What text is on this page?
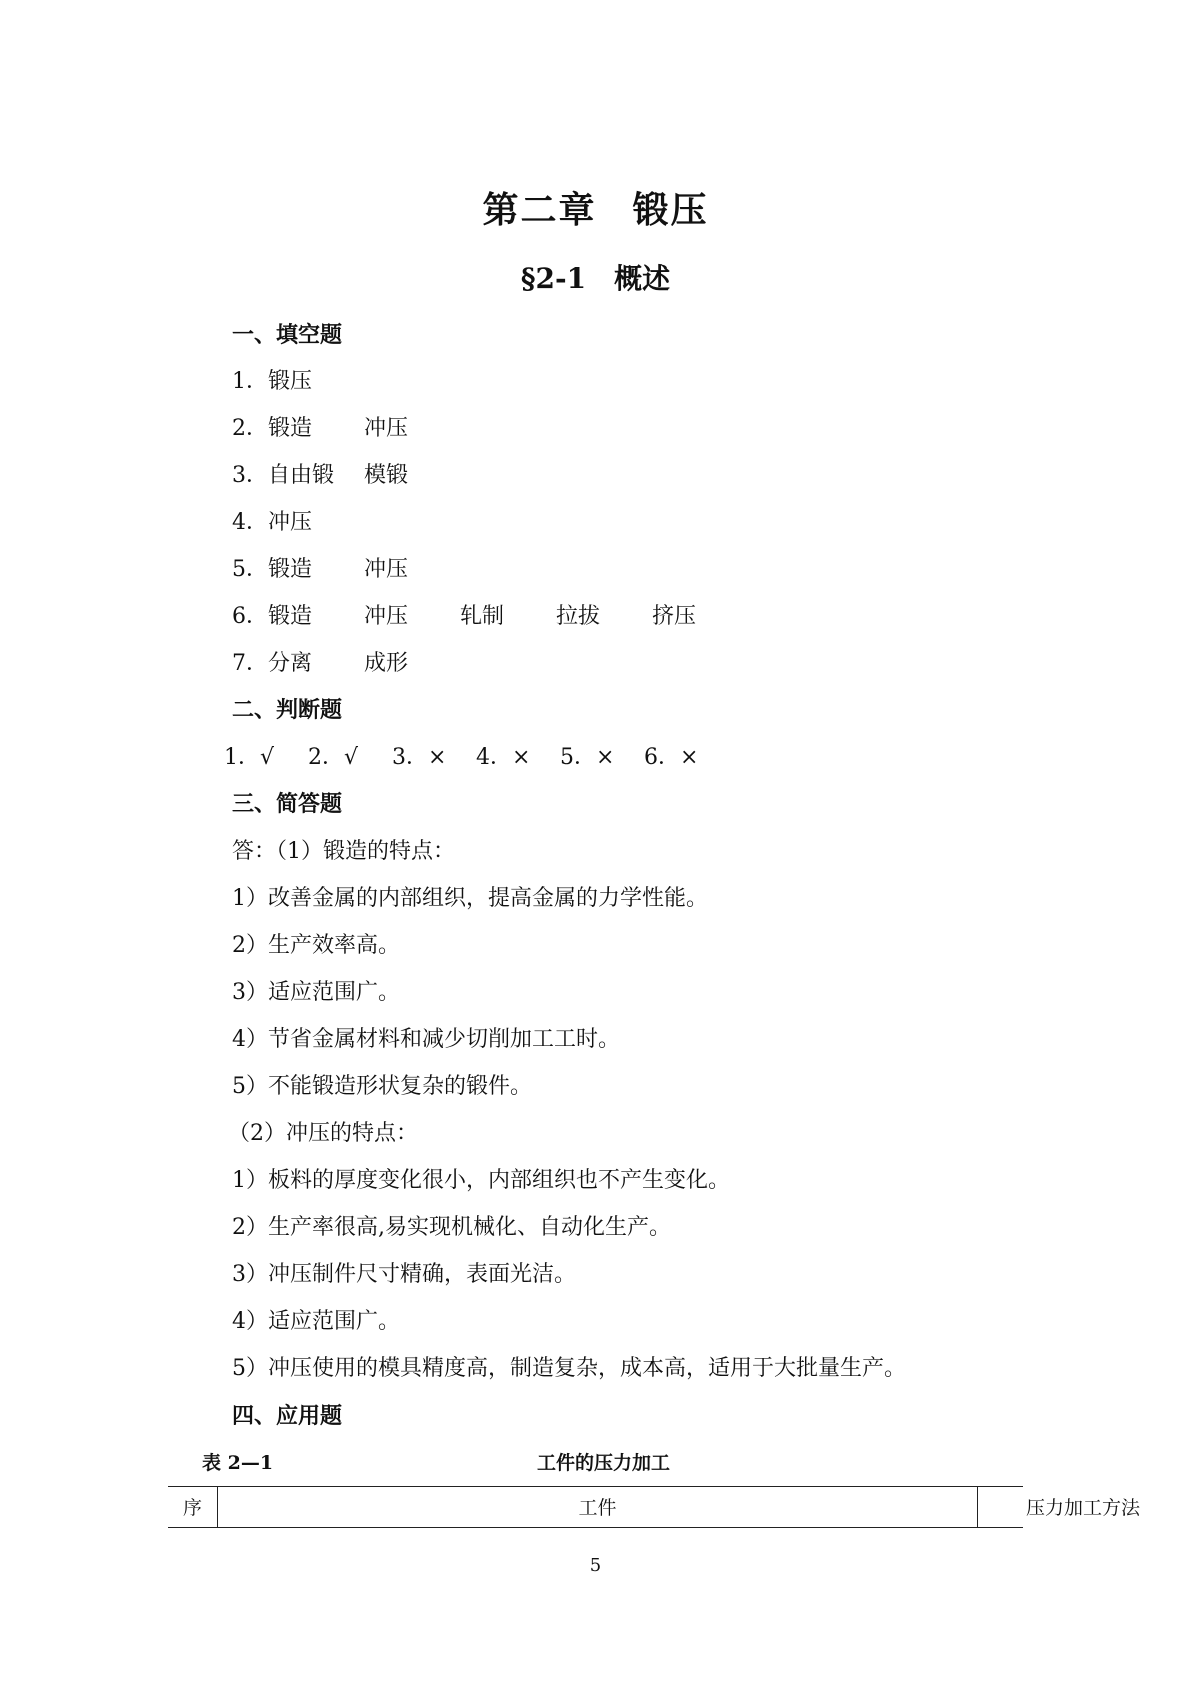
第二章 锻压
§2-1 概述
一、填空题
1．锻压
2．锻造 冲压
3．自由锻 模锻
4．冲压
5．锻造 冲压
6．锻造 冲压 轧制 拉拔 挤压
7．分离 成形
二、判断题
1．√ 2．√ 3．× 4．× 5．× 6．×
三、简答题
答：（1）锻造的特点：
1）改善金属的内部组织，提高金属的力学性能。
2）生产效率高。
3）适应范围广。
4）节省金属材料和减少切削加工工时。
5）不能锻造形状复杂的锻件。
（2）冲压的特点：
1）板料的厚度变化很小，内部组织也不产生变化。
2）生产率很高,易实现机械化、自动化生产。
3）冲压制件尺寸精确，表面光洁。
4）适应范围广。
5）冲压使用的模具精度高，制造复杂，成本高，适用于大批量生产。
四、应用题
表 2—1	工件的压力加工
序	工件	压力加工方法
5
